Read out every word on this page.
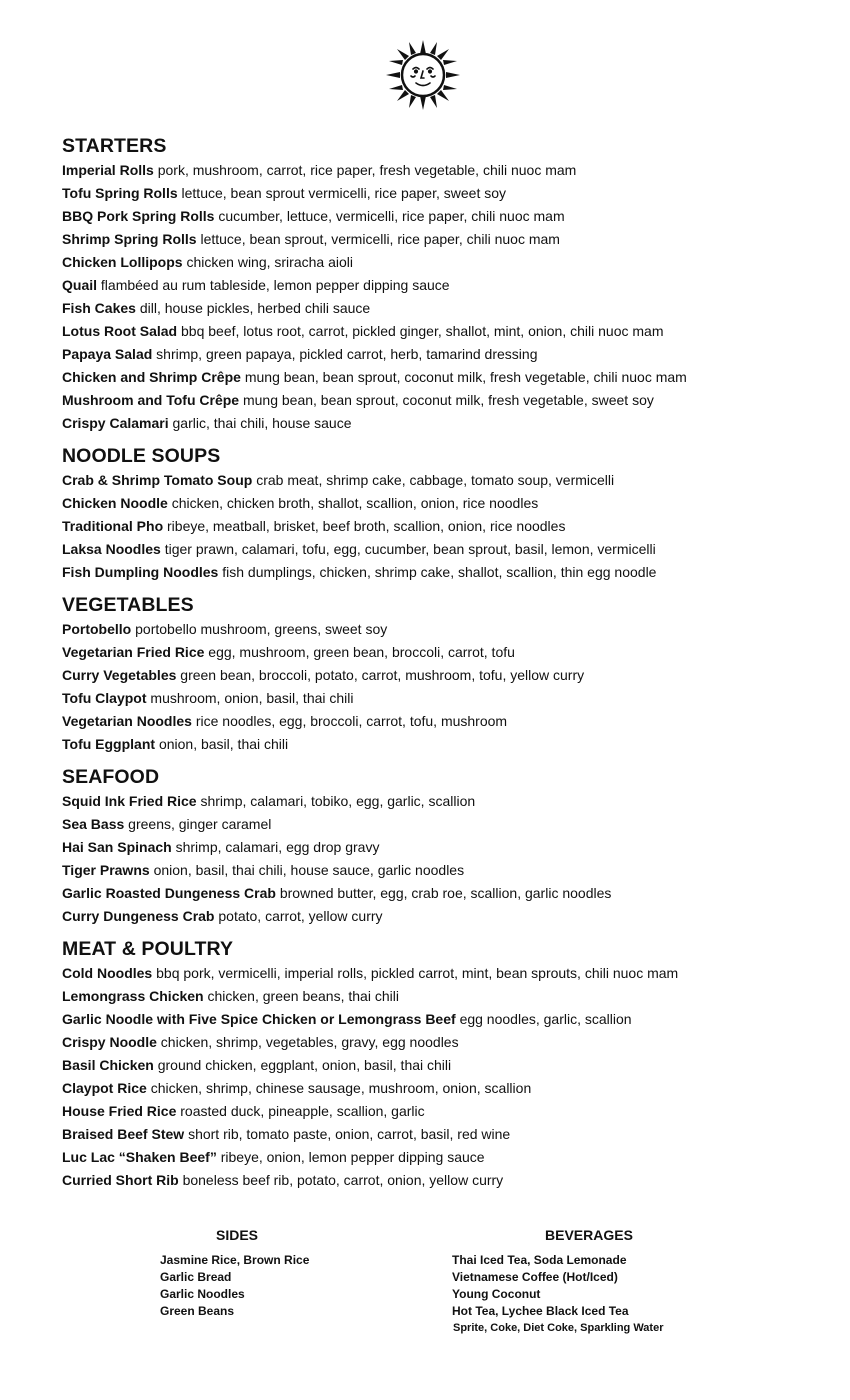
STARTERS
Imperial Rolls pork, mushroom, carrot, rice paper, fresh vegetable, chili nuoc mam
Tofu Spring Rolls lettuce, bean sprout vermicelli, rice paper, sweet soy
BBQ Pork Spring Rolls cucumber, lettuce, vermicelli, rice paper, chili nuoc mam
Shrimp Spring Rolls lettuce, bean sprout, vermicelli, rice paper, chili nuoc mam
Chicken Lollipops chicken wing, sriracha aioli
Quail flambéed au rum tableside, lemon pepper dipping sauce
Fish Cakes dill, house pickles, herbed chili sauce
Lotus Root Salad bbq beef, lotus root, carrot, pickled ginger, shallot, mint, onion, chili nuoc mam
Papaya Salad shrimp, green papaya, pickled carrot, herb, tamarind dressing
Chicken and Shrimp Crêpe mung bean, bean sprout, coconut milk, fresh vegetable, chili nuoc mam
Mushroom and Tofu Crêpe mung bean, bean sprout, coconut milk, fresh vegetable, sweet soy
Crispy Calamari garlic, thai chili, house sauce
NOODLE SOUPS
Crab & Shrimp Tomato Soup crab meat, shrimp cake, cabbage, tomato soup, vermicelli
Chicken Noodle chicken, chicken broth, shallot, scallion, onion, rice noodles
Traditional Pho ribeye, meatball, brisket, beef broth, scallion, onion, rice noodles
Laksa Noodles tiger prawn, calamari, tofu, egg, cucumber, bean sprout, basil, lemon, vermicelli
Fish Dumpling Noodles fish dumplings, chicken, shrimp cake, shallot, scallion, thin egg noodle
VEGETABLES
Portobello portobello mushroom, greens, sweet soy
Vegetarian Fried Rice egg, mushroom, green bean, broccoli, carrot, tofu
Curry Vegetables green bean, broccoli, potato, carrot, mushroom, tofu, yellow curry
Tofu Claypot mushroom, onion, basil, thai chili
Vegetarian Noodles rice noodles, egg, broccoli, carrot, tofu, mushroom
Tofu Eggplant onion, basil, thai chili
SEAFOOD
Squid Ink Fried Rice shrimp, calamari, tobiko, egg, garlic, scallion
Sea Bass greens, ginger caramel
Hai San Spinach shrimp, calamari, egg drop gravy
Tiger Prawns onion, basil, thai chili, house sauce, garlic noodles
Garlic Roasted Dungeness Crab browned butter, egg, crab roe, scallion, garlic noodles
Curry Dungeness Crab potato, carrot, yellow curry
MEAT & POULTRY
Cold Noodles bbq pork, vermicelli, imperial rolls, pickled carrot, mint, bean sprouts, chili nuoc mam
Lemongrass Chicken chicken, green beans, thai chili
Garlic Noodle with Five Spice Chicken or Lemongrass Beef egg noodles, garlic, scallion
Crispy Noodle chicken, shrimp, vegetables, gravy, egg noodles
Basil Chicken ground chicken, eggplant, onion, basil, thai chili
Claypot Rice chicken, shrimp, chinese sausage, mushroom, onion, scallion
House Fried Rice roasted duck, pineapple, scallion, garlic
Braised Beef Stew short rib, tomato paste, onion, carrot, basil, red wine
Luc Lac “Shaken Beef” ribeye, onion, lemon pepper dipping sauce
Curried Short Rib boneless beef rib, potato, carrot, onion, yellow curry
SIDES
Jasmine Rice, Brown Rice
Garlic Bread
Garlic Noodles
Green Beans
BEVERAGES
Thai Iced Tea, Soda Lemonade
Vietnamese Coffee (Hot/Iced)
Young Coconut
Hot Tea, Lychee Black Iced Tea
Sprite, Coke, Diet Coke, Sparkling Water
